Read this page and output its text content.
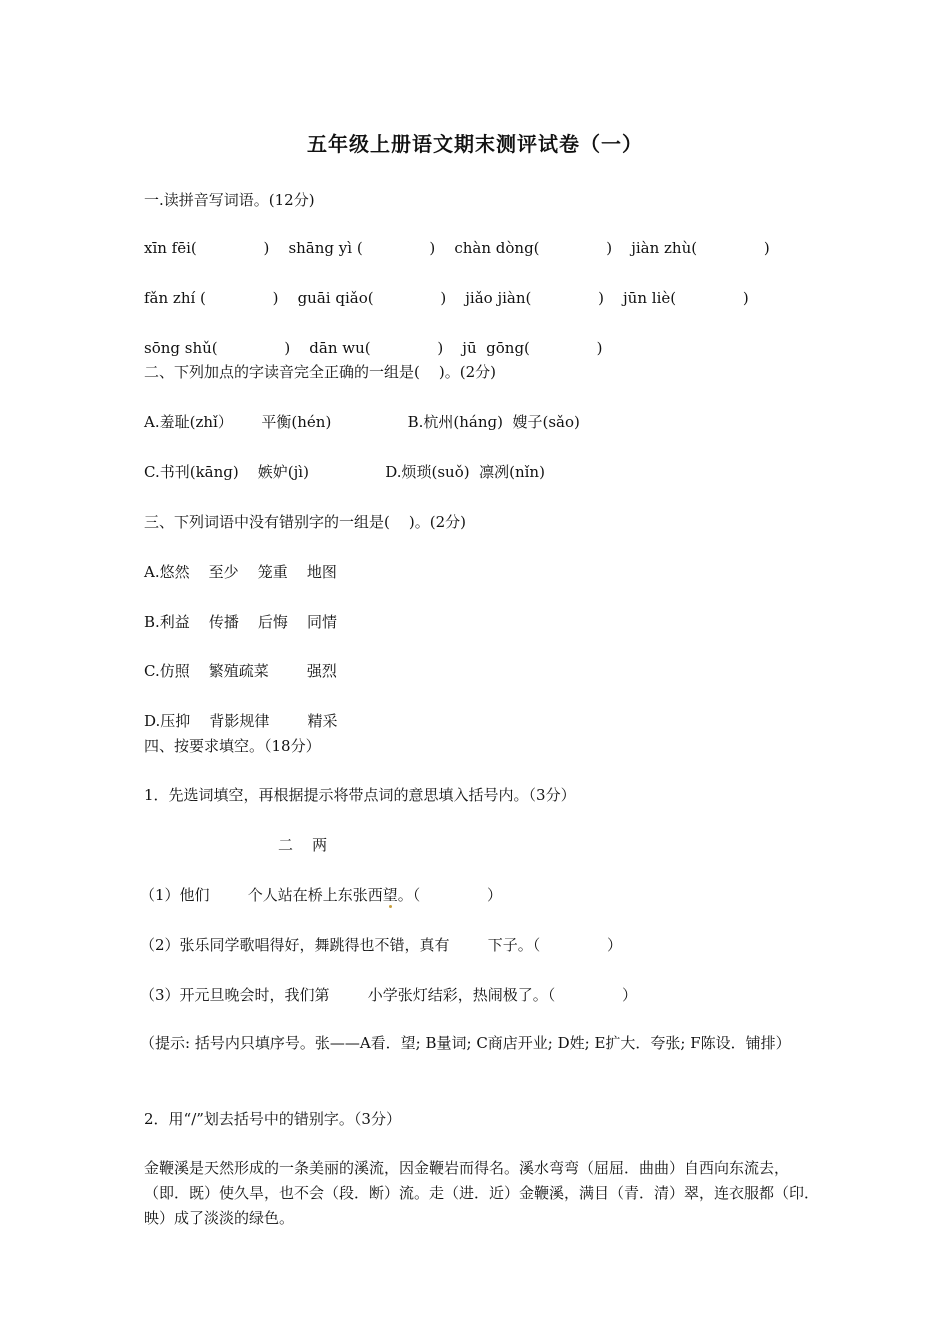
五年级上册语文期末测评试卷（一）
一.读拼音写词语。(12分)
xīn fēi(              )    shāng yì (              )    chàn dòng(              )    jiàn zhù(              )
fǎn zhí (              )    guāi qiǎo(              )    jiǎo jiàn(              )    jūn liè(              )
sōng shǔ(              )    dān wu(              )    jū  gōng(              )
二、下列加点的字读音完全正确的一组是(    )。(2分)
A.羞耻(zhǐ）      平衡(hén)                B.杭州(hánɡ)  嫂子(sǎo)
C.书刊(kānɡ)    嫉妒(jì)                D.烦琐(suǒ)  凛冽(nǐn)
三、下列词语中没有错别字的一组是(    )。(2分)
A.悠然    至少    笼重    地图
B.利益    传播    后悔    同情
C.仿照    繁殖疏菜        强烈
D.压抑    背影规律        精采
四、按要求填空。（18分）
1．先选词填空，再根据提示将带点词的意思填入括号内。（3分）
二    两
（1）他们        个人站在桥上东张西望。（              ）
（2）张乐同学歌唱得好，舞跳得也不错，真有        下子。（              ）
（3）开元旦晚会时，我们第        小学张灯结彩，热闹极了。（              ）
（提示: 括号内只填序号。张——A看．望; B量词; C商店开业; D姓; E扩大．夸张; F陈设．铺排）
2．用“/”划去括号中的错别字。（3分）
金鞭溪是天然形成的一条美丽的溪流，因金鞭岩而得名。溪水弯弯（屈屈．曲曲）自西向东流去，（即．既）使久旱，也不会（段．断）流。走（进．近）金鞭溪，满目（青．清）翠，连衣服都（印．映）成了淡淡的绿色。
